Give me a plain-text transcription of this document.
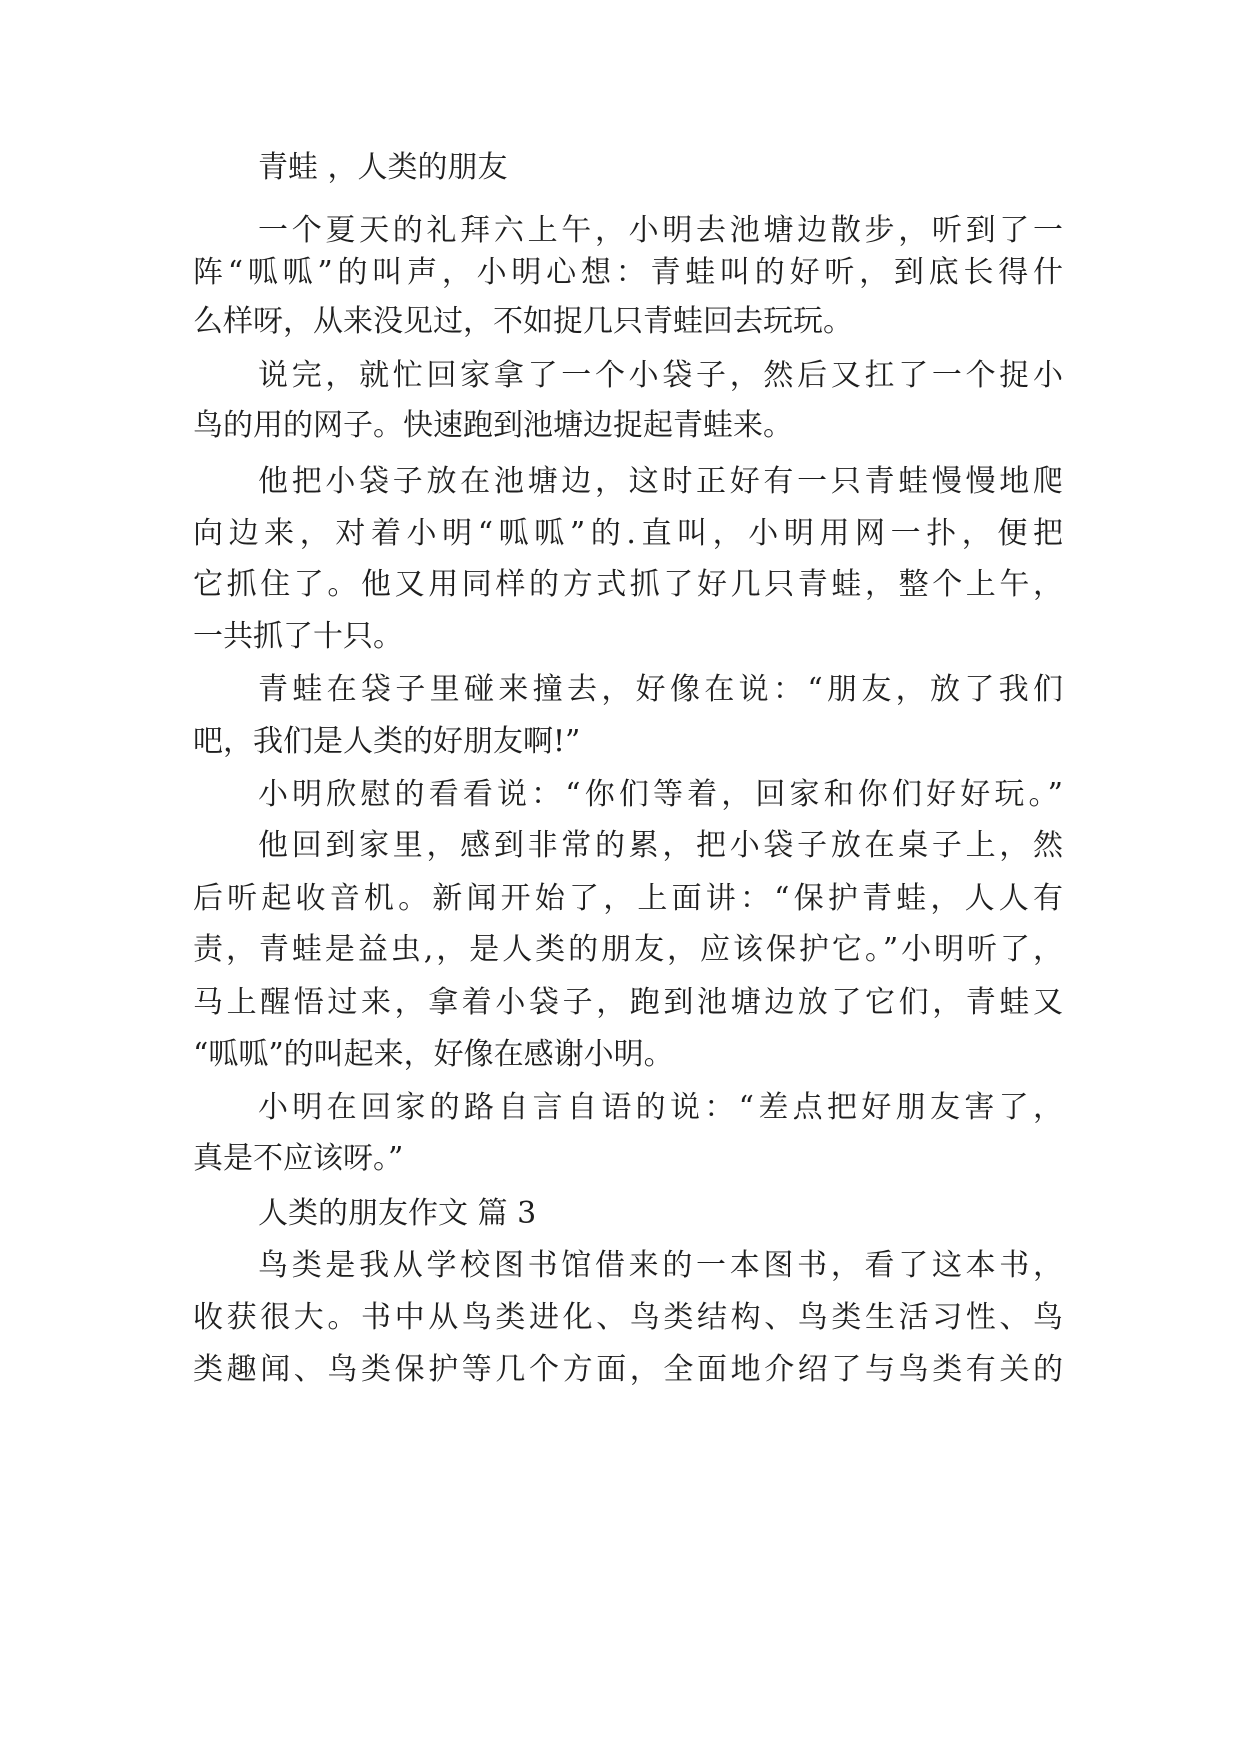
青蛙 ，人类的朋友

一个夏天的礼拜六上午，小明去池塘边散步，听到了一

阵“呱呱”的叫声，小明心想：青蛙叫的好听，到底长得什

么样呀，从来没见过，不如捉几只青蛙回去玩玩。

说完，就忙回家拿了一个小袋子，然后又扛了一个捉小

鸟的用的网子。快速跑到池塘边捉起青蛙来。

他把小袋子放在池塘边，这时正好有一只青蛙慢慢地爬

向边来，对着小明“呱呱”的.直叫，小明用网一扑，便把

它抓住了。他又用同样的方式抓了好几只青蛙，整个上午，

一共抓了十只。

青蛙在袋子里碰来撞去，好像在说：“朋友，放了我们

吧，我们是人类的好朋友啊!”

小明欣慰的看看说：“你们等着，回家和你们好好玩。”

他回到家里，感到非常的累，把小袋子放在桌子上，然

后听起收音机。新闻开始了，上面讲：“保护青蛙，人人有

责，青蛙是益虫,，是人类的朋友，应该保护它。”小明听了，

马上醒悟过来，拿着小袋子，跑到池塘边放了它们，青蛙又

“呱呱”的叫起来，好像在感谢小明。

小明在回家的路自言自语的说：“差点把好朋友害了，

真是不应该呀。”

人类的朋友作文 篇 3

鸟类是我从学校图书馆借来的一本图书，看了这本书，

收获很大。书中从鸟类进化、鸟类结构、鸟类生活习性、鸟

类趣闻、鸟类保护等几个方面，全面地介绍了与鸟类有关的
